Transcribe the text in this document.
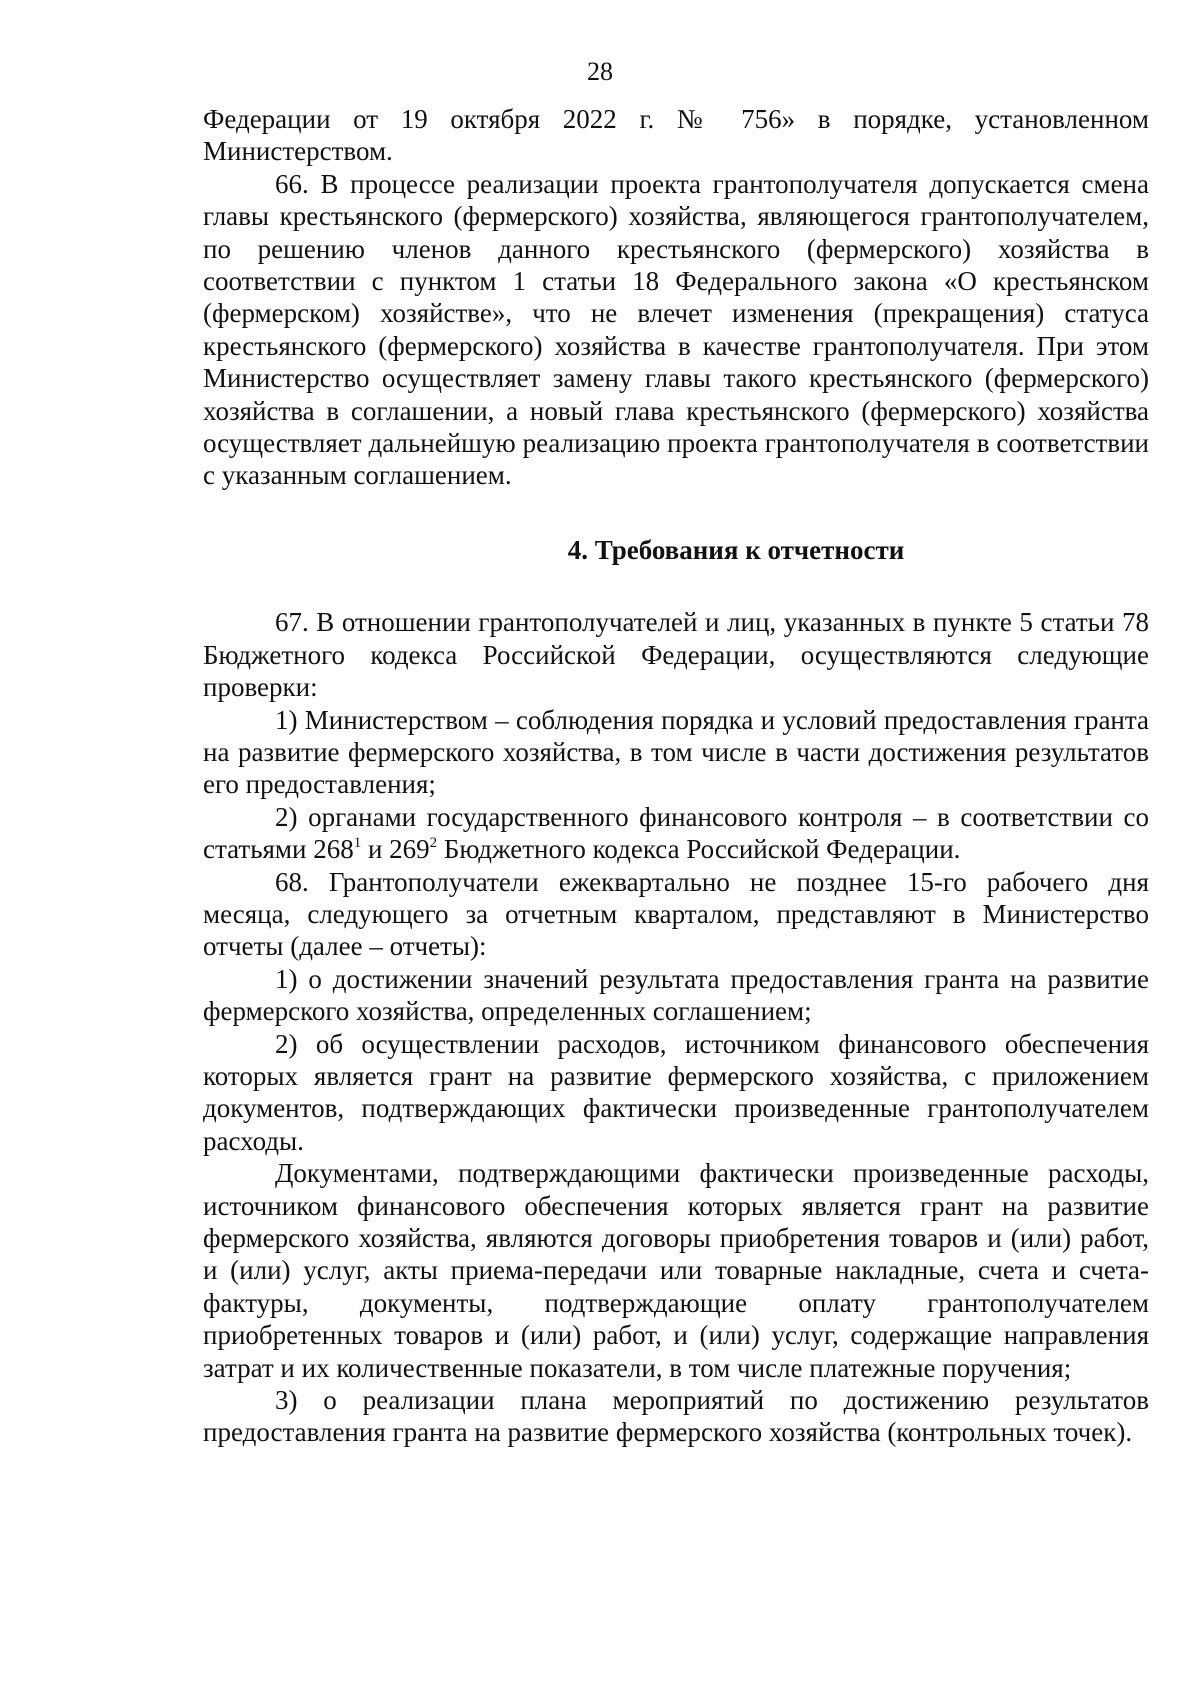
28

Федерации от 19 октября 2022 г. № 756» в порядке, установленном Министерством.

66. В процессе реализации проекта грантополучателя допускается смена главы крестьянского (фермерского) хозяйства, являющегося грантополучателем, по решению членов данного крестьянского (фермерского) хозяйства в соответствии с пунктом 1 статьи 18 Федерального закона «О крестьянском (фермерском) хозяйстве», что не влечет изменения (прекращения) статуса крестьянского (фермерского) хозяйства в качестве грантополучателя. При этом Министерство осуществляет замену главы такого крестьянского (фермерского) хозяйства в соглашении, а новый глава крестьянского (фермерского) хозяйства осуществляет дальнейшую реализацию проекта грантополучателя в соответствии с указанным соглашением.

4. Требования к отчетности

67. В отношении грантополучателей и лиц, указанных в пункте 5 статьи 78 Бюджетного кодекса Российской Федерации, осуществляются следующие проверки:

1) Министерством – соблюдения порядка и условий предоставления гранта на развитие фермерского хозяйства, в том числе в части достижения результатов его предоставления;

2) органами государственного финансового контроля – в соответствии со статьями $268^1$ и $269^2$ Бюджетного кодекса Российской Федерации.

68. Грантополучатели ежеквартально не позднее 15-го рабочего дня месяца, следующего за отчетным кварталом, представляют в Министерство отчеты (далее – отчеты):

1) о достижении значений результата предоставления гранта на развитие фермерского хозяйства, определенных соглашением;

2) об осуществлении расходов, источником финансового обеспечения которых является грант на развитие фермерского хозяйства, с приложением документов, подтверждающих фактически произведенные грантополучателем расходы.

Документами, подтверждающими фактически произведенные расходы, источником финансового обеспечения которых является грант на развитие фермерского хозяйства, являются договоры приобретения товаров и (или) работ, и (или) услуг, акты приема-передачи или товарные накладные, счета и счета-фактуры, документы, подтверждающие оплату грантополучателем приобретенных товаров и (или) работ, и (или) услуг, содержащие направления затрат и их количественные показатели, в том числе платежные поручения;

3) о реализации плана мероприятий по достижению результатов предоставления гранта на развитие фермерского хозяйства (контрольных точек).
